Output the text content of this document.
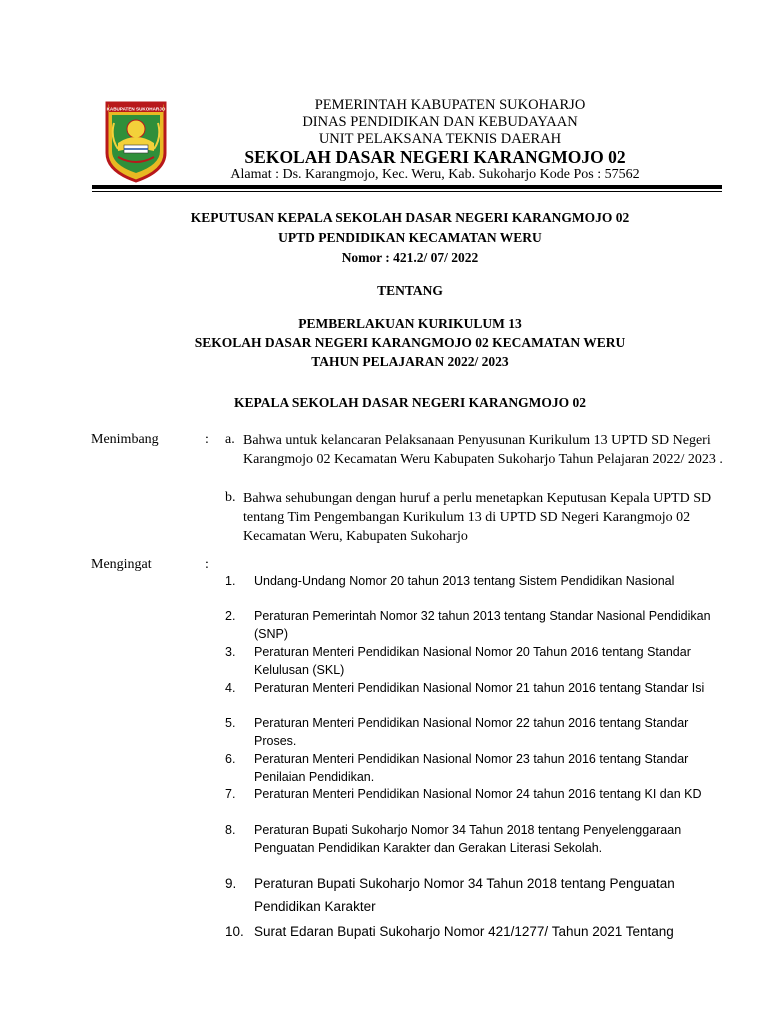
KABUPATEN SUKOHARJO	PEMERINTAH KABUPATEN SUKOHARJO
DINAS PENDIDIKAN DAN KEBUDAYAAN
UNIT PELAKSANA TEKNIS DAERAH
SEKOLAH DASAR NEGERI KARANGMOJO 02
Alamat : Ds. Karangmojo, Kec. Weru, Kab. Sukoharjo Kode Pos : 57562
KEPUTUSAN KEPALA SEKOLAH DASAR NEGERI KARANGMOJO 02
UPTD PENDIDIKAN KECAMATAN WERU
Nomor : 421.2/ 07/ 2022
TENTANG
PEMBERLAKUAN KURIKULUM 13
SEKOLAH DASAR NEGERI KARANGMOJO 02 KECAMATAN WERU
TAHUN PELAJARAN 2022/ 2023
KEPALA SEKOLAH DASAR NEGERI KARANGMOJO 02
Menimbang	: a. Bahwa untuk kelancaran Pelaksanaan Penyusunan Kurikulum 13 UPTD SD Negeri Karangmojo 02 Kecamatan Weru Kabupaten Sukoharjo Tahun Pelajaran 2022/ 2023 .
b. Bahwa sehubungan dengan huruf a perlu menetapkan Keputusan Kepala UPTD SD tentang Tim Pengembangan Kurikulum 13 di UPTD SD Negeri Karangmojo 02 Kecamatan Weru, Kabupaten Sukoharjo
Mengingat	:
1.	Undang-Undang Nomor 20 tahun 2013 tentang Sistem Pendidikan Nasional
2.	Peraturan Pemerintah Nomor 32 tahun 2013 tentang Standar Nasional Pendidikan (SNP)
3.	Peraturan Menteri Pendidikan Nasional Nomor 20 Tahun 2016 tentang Standar Kelulusan (SKL)
4.	Peraturan Menteri Pendidikan Nasional Nomor 21 tahun 2016 tentang Standar Isi
5.	Peraturan Menteri Pendidikan Nasional Nomor 22 tahun 2016 tentang Standar Proses.
6.	Peraturan Menteri Pendidikan Nasional Nomor 23 tahun 2016 tentang Standar Penilaian Pendidikan.
7.	Peraturan Menteri Pendidikan Nasional Nomor 24 tahun 2016 tentang KI dan KD
8.	Peraturan Bupati Sukoharjo Nomor 34 Tahun 2018 tentang Penyelenggaraan Penguatan Pendidikan Karakter dan Gerakan Literasi Sekolah.
9.	Peraturan Bupati Sukoharjo Nomor 34 Tahun 2018 tentang Penguatan Pendidikan Karakter
10. Surat Edaran Bupati Sukoharjo Nomor 421/1277/ Tahun 2021 Tentang
